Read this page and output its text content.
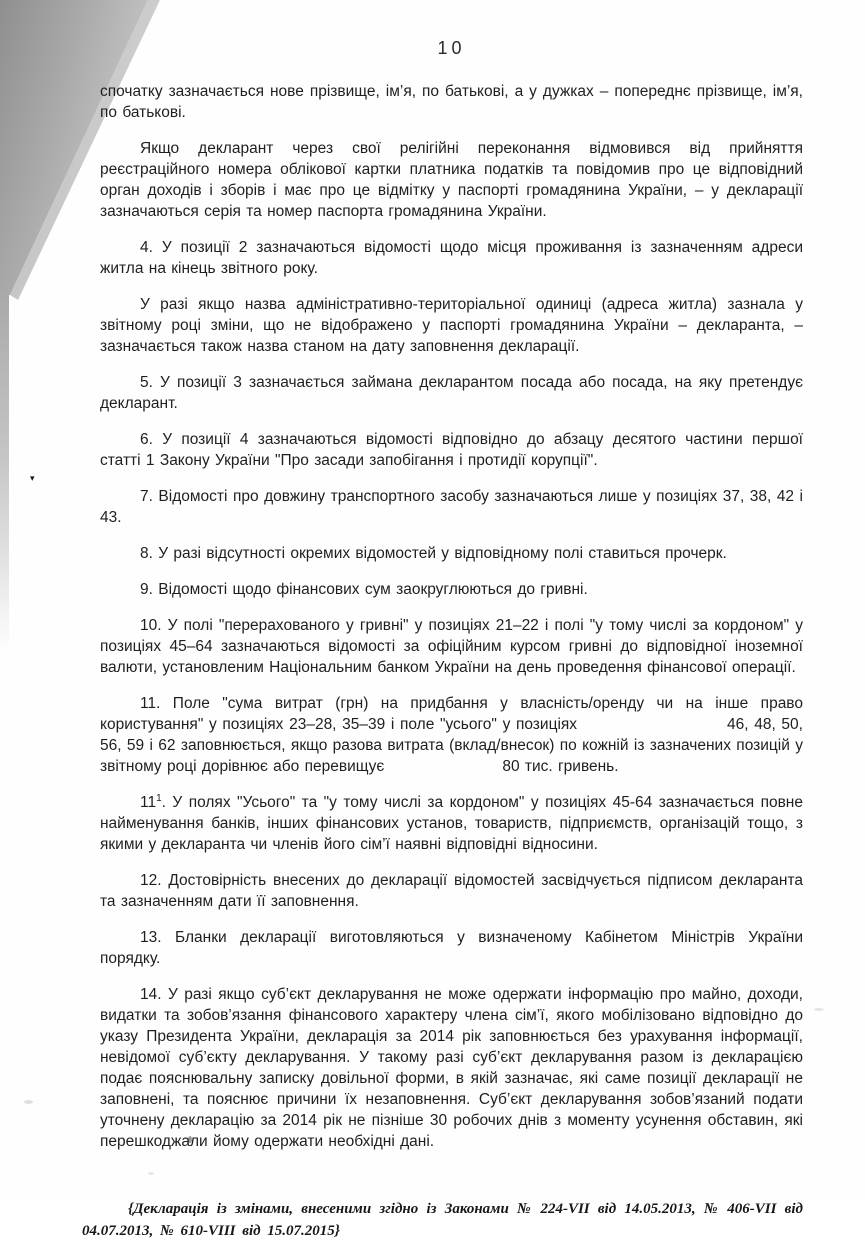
▾
10

спочатку зазначається нове прізвище, ім’я, по батькові, а у дужках – попереднє прізвище, ім’я, по батькові.

Якщо декларант через свої релігійні переконання відмовився від прийняття реєстраційного номера облікової картки платника податків та повідомив про це відповідний орган доходів і зборів і має про це відмітку у паспорті громадянина України, – у декларації зазначаються серія та номер паспорта громадянина України.

4. У позиції 2 зазначаються відомості щодо місця проживання із зазначенням адреси житла на кінець звітного року.

У разі якщо назва адміністративно-територіальної одиниці (адреса житла) зазнала у звітному році зміни, що не відображено у паспорті громадянина України – декларанта, – зазначається також назва станом на дату заповнення декларації.

5. У позиції 3 зазначається займана декларантом посада або посада, на яку претендує декларант.

6. У позиції 4 зазначаються відомості відповідно до абзацу десятого частини першої статті 1 Закону України "Про засади запобігання і протидії корупції".

7. Відомості про довжину транспортного засобу зазначаються лише у позиціях 37, 38, 42 і 43.

8. У разі відсутності окремих відомостей у відповідному полі ставиться прочерк.

9. Відомості щодо фінансових сум заокруглюються до гривні.

10. У полі "перерахованого у гривні" у позиціях 21–22 і полі "у тому числі за кордоном" у позиціях 45–64 зазначаються відомості за офіційним курсом гривні до відповідної іноземної валюти, установленим Національним банком України на день проведення фінансової операції.

11. Поле "сума витрат (грн) на придбання у власність/оренду чи на інше право користування" у позиціях 23–28, 35–39 і поле "усього" у позиціях	46, 48, 50, 56, 59 і 62 заповнюється, якщо разова витрата (вклад/внесок) по кожній із зазначених позицій у звітному році дорівнює або перевищує	80 тис. гривень.

11$^1$. У полях "Усього" та "у тому числі за кордоном" у позиціях 45-64 зазначається повне найменування банків, інших фінансових установ, товариств, підприємств, організацій тощо, з якими у декларанта чи членів його сім’ї наявні відповідні відносини.

12. Достовірність внесених до декларації відомостей засвідчується підписом декларанта та зазначенням дати її заповнення.

13. Бланки декларації виготовляються у визначеному Кабінетом Міністрів України порядку.

14. У разі якщо суб’єкт декларування не може одержати інформацію про майно, доходи, видатки та зобов’язання фінансового характеру члена сім’ї, якого мобілізовано відповідно до указу Президента України, декларація за 2014 рік заповнюється без урахування інформації, невідомої суб’єкту декларування. У такому разі суб’єкт декларування разом із декларацією подає пояснювальну записку довільної форми, в якій зазначає, які саме позиції декларації не заповнені, та пояснює причини їх незаповнення. Суб’єкт декларування зобов’язаний подати уточнену декларацію за 2014 рік не пізніше 30 робочих днів з моменту усунення обставин, які перешкоджали йому одержати необхідні дані.

{Декларація із змінами, внесеними згідно із Законами № 224-VII від 14.05.2013, № 406-VII від 04.07.2013, № 610-VIII від 15.07.2015}
